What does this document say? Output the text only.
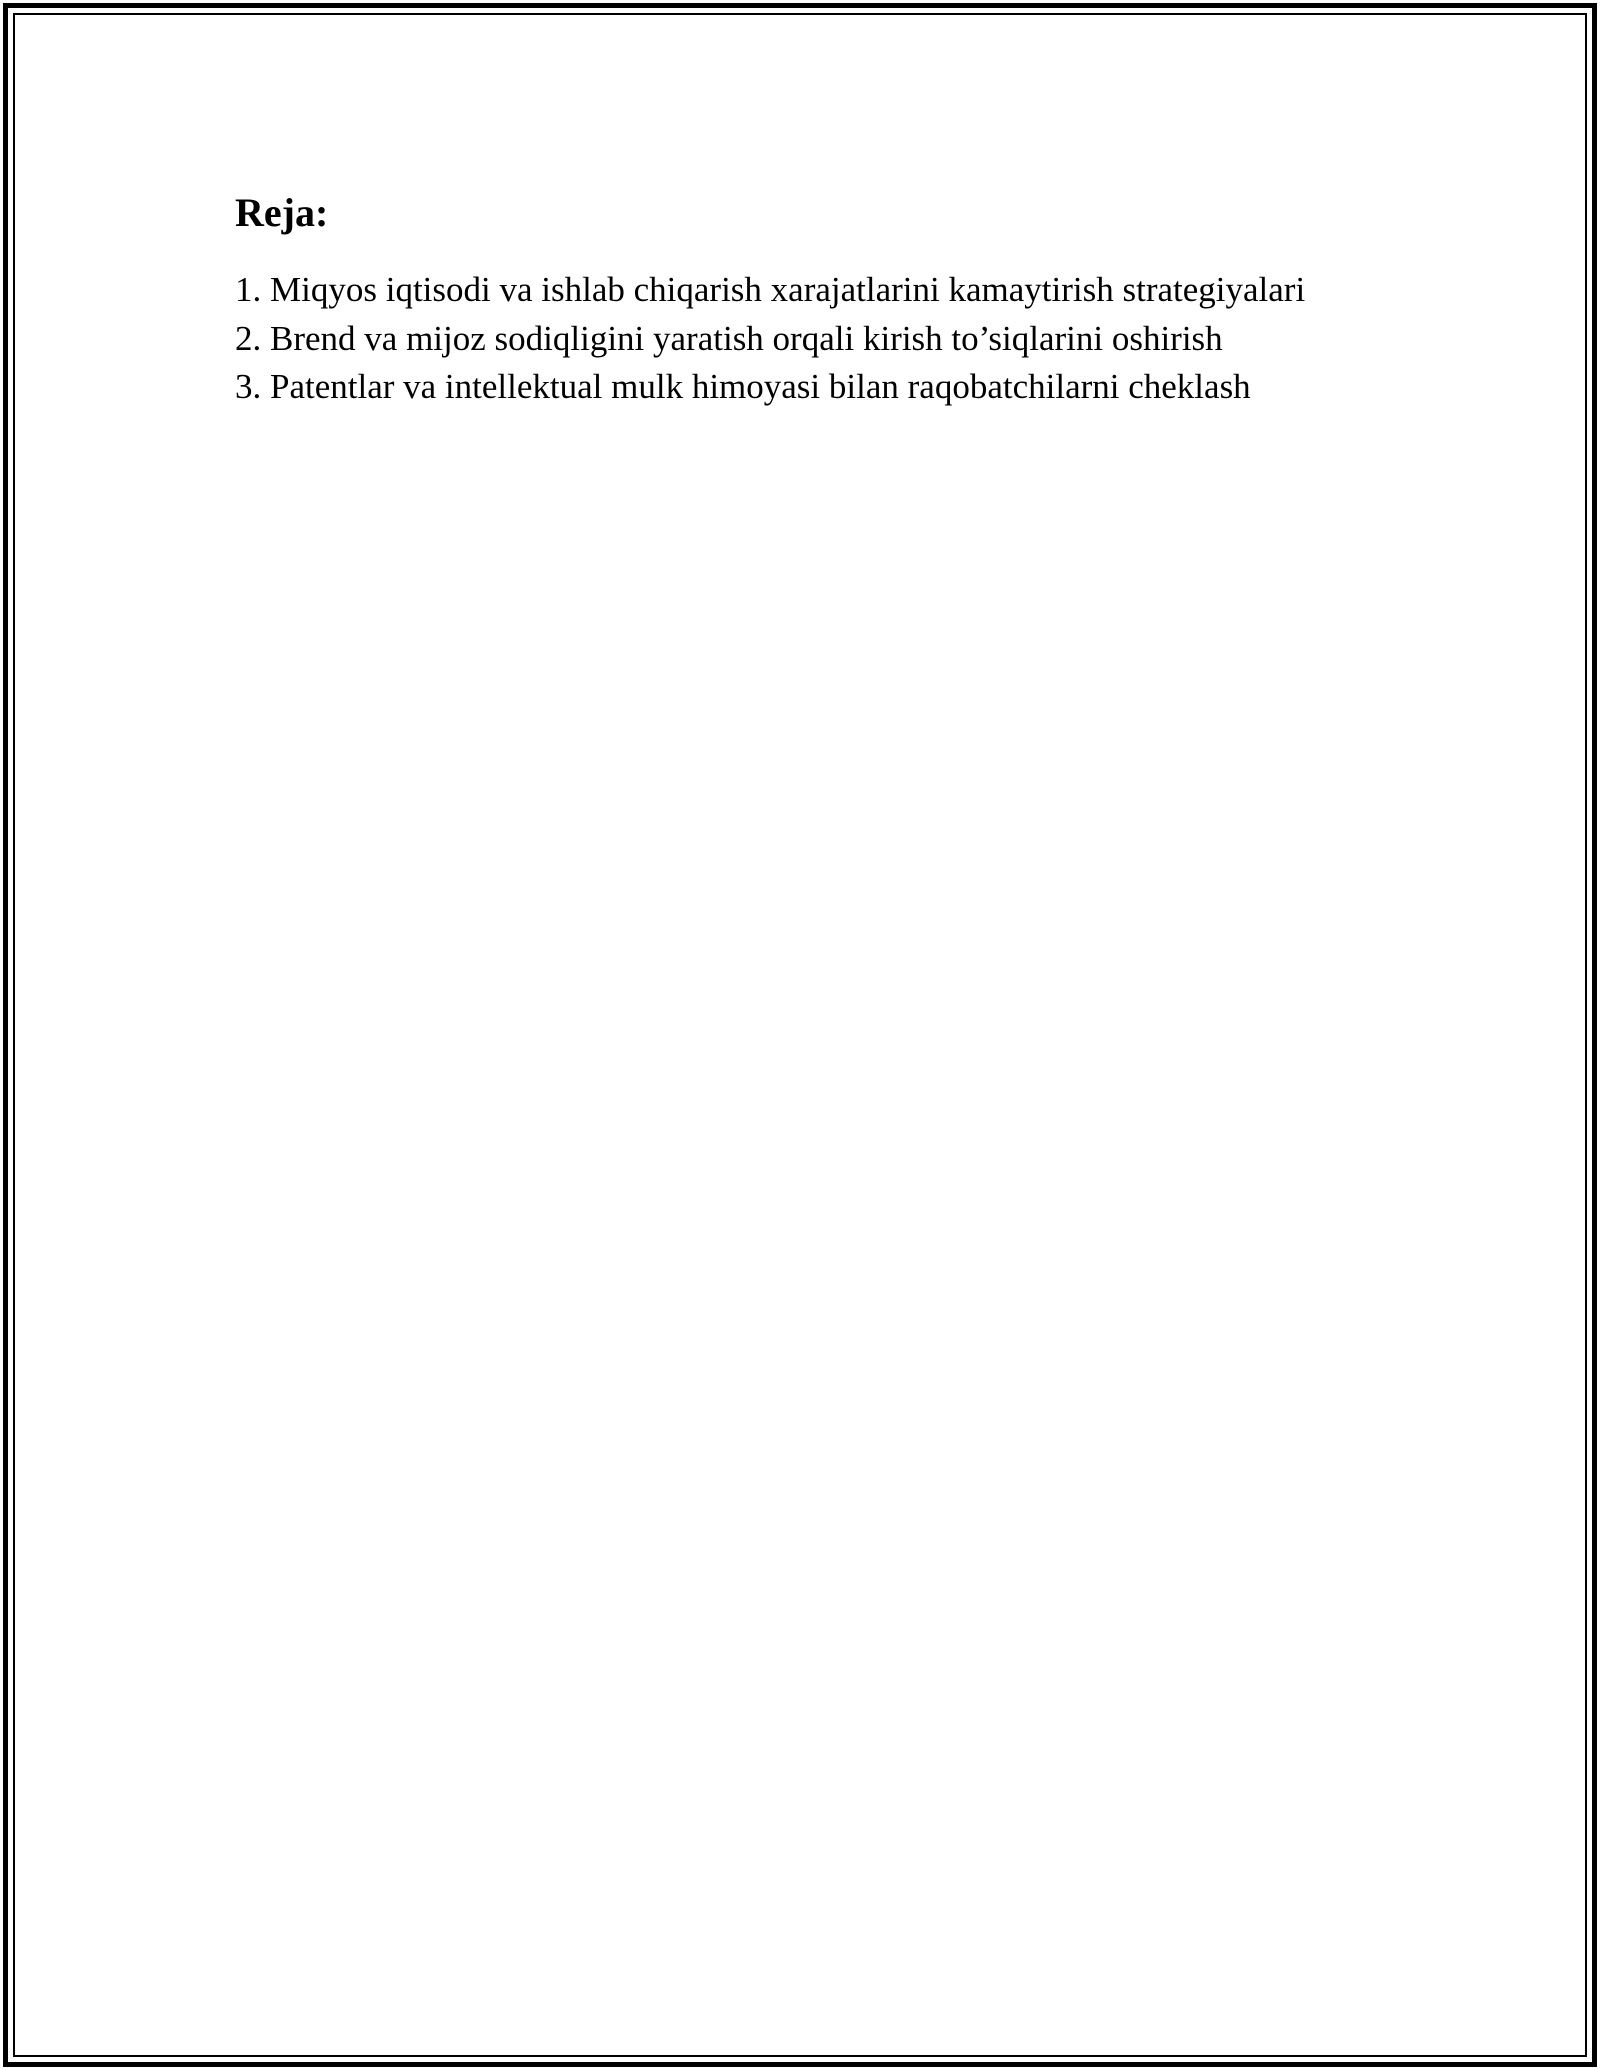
Reja:
1. Miqyos iqtisodi va ishlab chiqarish xarajatlarini kamaytirish strategiyalari
2. Brend va mijoz sodiqligini yaratish orqali kirish to’siqlarini oshirish
3. Patentlar va intellektual mulk himoyasi bilan raqobatchilarni cheklash
